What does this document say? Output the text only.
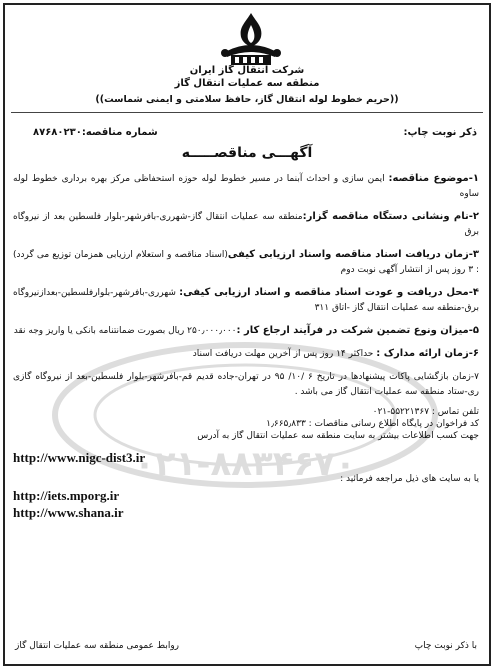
شرکت انتقال گاز ایران
منطقه سه عملیات انتقال گاز
((حریم خطوط لوله انتقال گاز، حافظ سلامتی و ایمنی شماست))
ذکر نوبت چاپ:
شماره مناقصه:۸۷۶۸۰۲۳۰
آگهـــی مناقصـــــه
۰۲۱-۸۸۳۴۶۷۰
۱-موضوع مناقصه: ایمن سازی و احداث آبنما در مسیر خطوط لوله حوزه استحفاظی مرکز بهره برداری خطوط لوله ساوه
۲-نام ونشانی دستگاه مناقصه گزار:منطقه سه عملیات انتقال گاز-شهرری-بافرشهر-بلوار فلسطین بعد از نیروگاه برق
۳-زمان دریافت اسناد مناقصه واسناد ارزیابی کیفی(اسناد مناقصه و استعلام ارزیابی همزمان توزیع می گردد) : ۳ روز پس از انتشار آگهی نوبت دوم
۴-محل دریافت و عودت اسناد مناقصه و اسناد ارزیابی کیفی: شهرری-بافرشهر-بلوارفلسطین-بعدازنیروگاه برق-منطقه سه عملیات انتقال گاز -اتاق ۳۱۱
۵-میزان ونوع تضمین شرکت در فرآیند ارجاع کار :۲۵۰٫۰۰۰٫۰۰۰ ریال بصورت ضمانتنامه بانکی یا واریز وجه نقد
۶-زمان ارائه مدارک : حداکثر ۱۴ روز پس از آخرین مهلت دریافت اسناد
۷-زمان بازگشایی پاکات پیشنهادها در تاریخ ۶ /۱۰/ ۹۵ در تهران-جاده قدیم قم-بافرشهر-بلوار فلسطین-بعد از نیروگاه گازی ری-ستاد منطقه سه عملیات انتقال گاز می باشد .
تلفن تماس : ۵۵۲۲۱۳۶۷-۰۲۱
کد فراخوان در پایگاه اطلاع رسانی مناقصات : ۱٫۶۶۵٫۸۳۳
جهت کسب اطلاعات بیشتر به سایت منطقه سه عملیات انتقال گاز به آدرس
http://www.nigc-dist3.ir
یا به سایت های ذیل مراجعه فرمائید :
http://iets.mporg.ir
http://www.shana.ir
با ذکر نوبت چاپ
روابط عمومی منطقه سه عملیات انتقال گاز
